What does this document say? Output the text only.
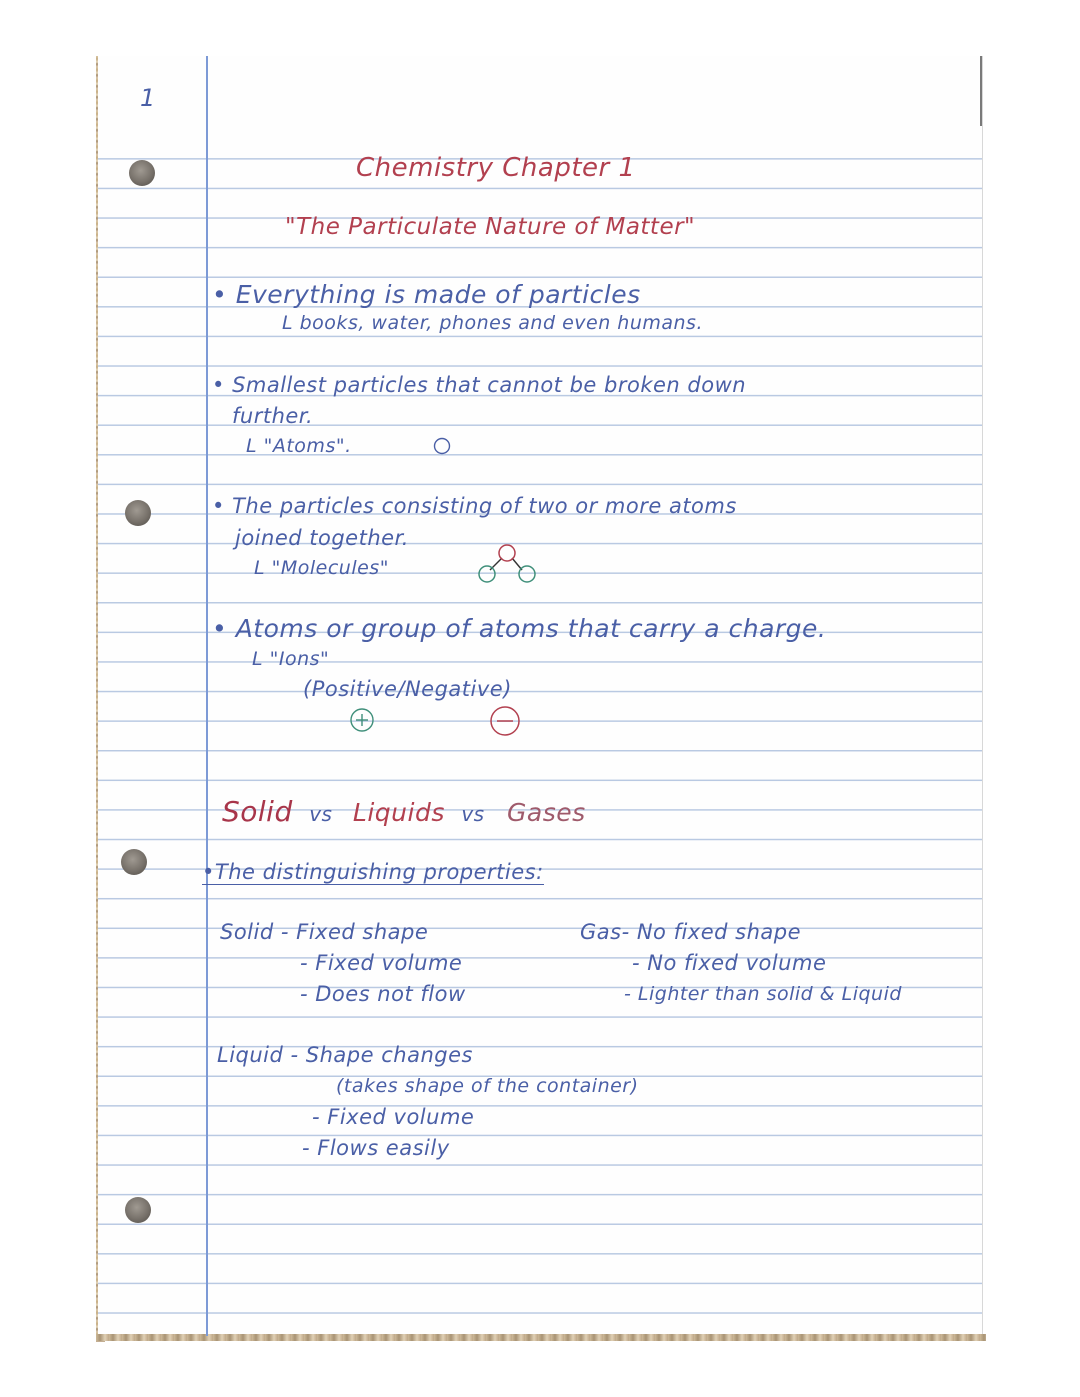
1
Chemistry Chapter 1
"The Particulate Nature of Matter"
• Everything is made of particles
L books, water, phones and even humans.
• Smallest particles that cannot be broken down
further.
L "Atoms".
• The particles consisting of two or more atoms
joined together.
L "Molecules"
• Atoms or group of atoms that carry a charge.
L "Ions"
(Positive/Negative)
Solid vs Liquids vs Gases
•The distinguishing properties:
Solid - Fixed shape
- Fixed volume
- Does not flow
Gas- No fixed shape
- No fixed volume
- Lighter than solid & Liquid
Liquid - Shape changes
(takes shape of the container)
- Fixed volume
- Flows easily
